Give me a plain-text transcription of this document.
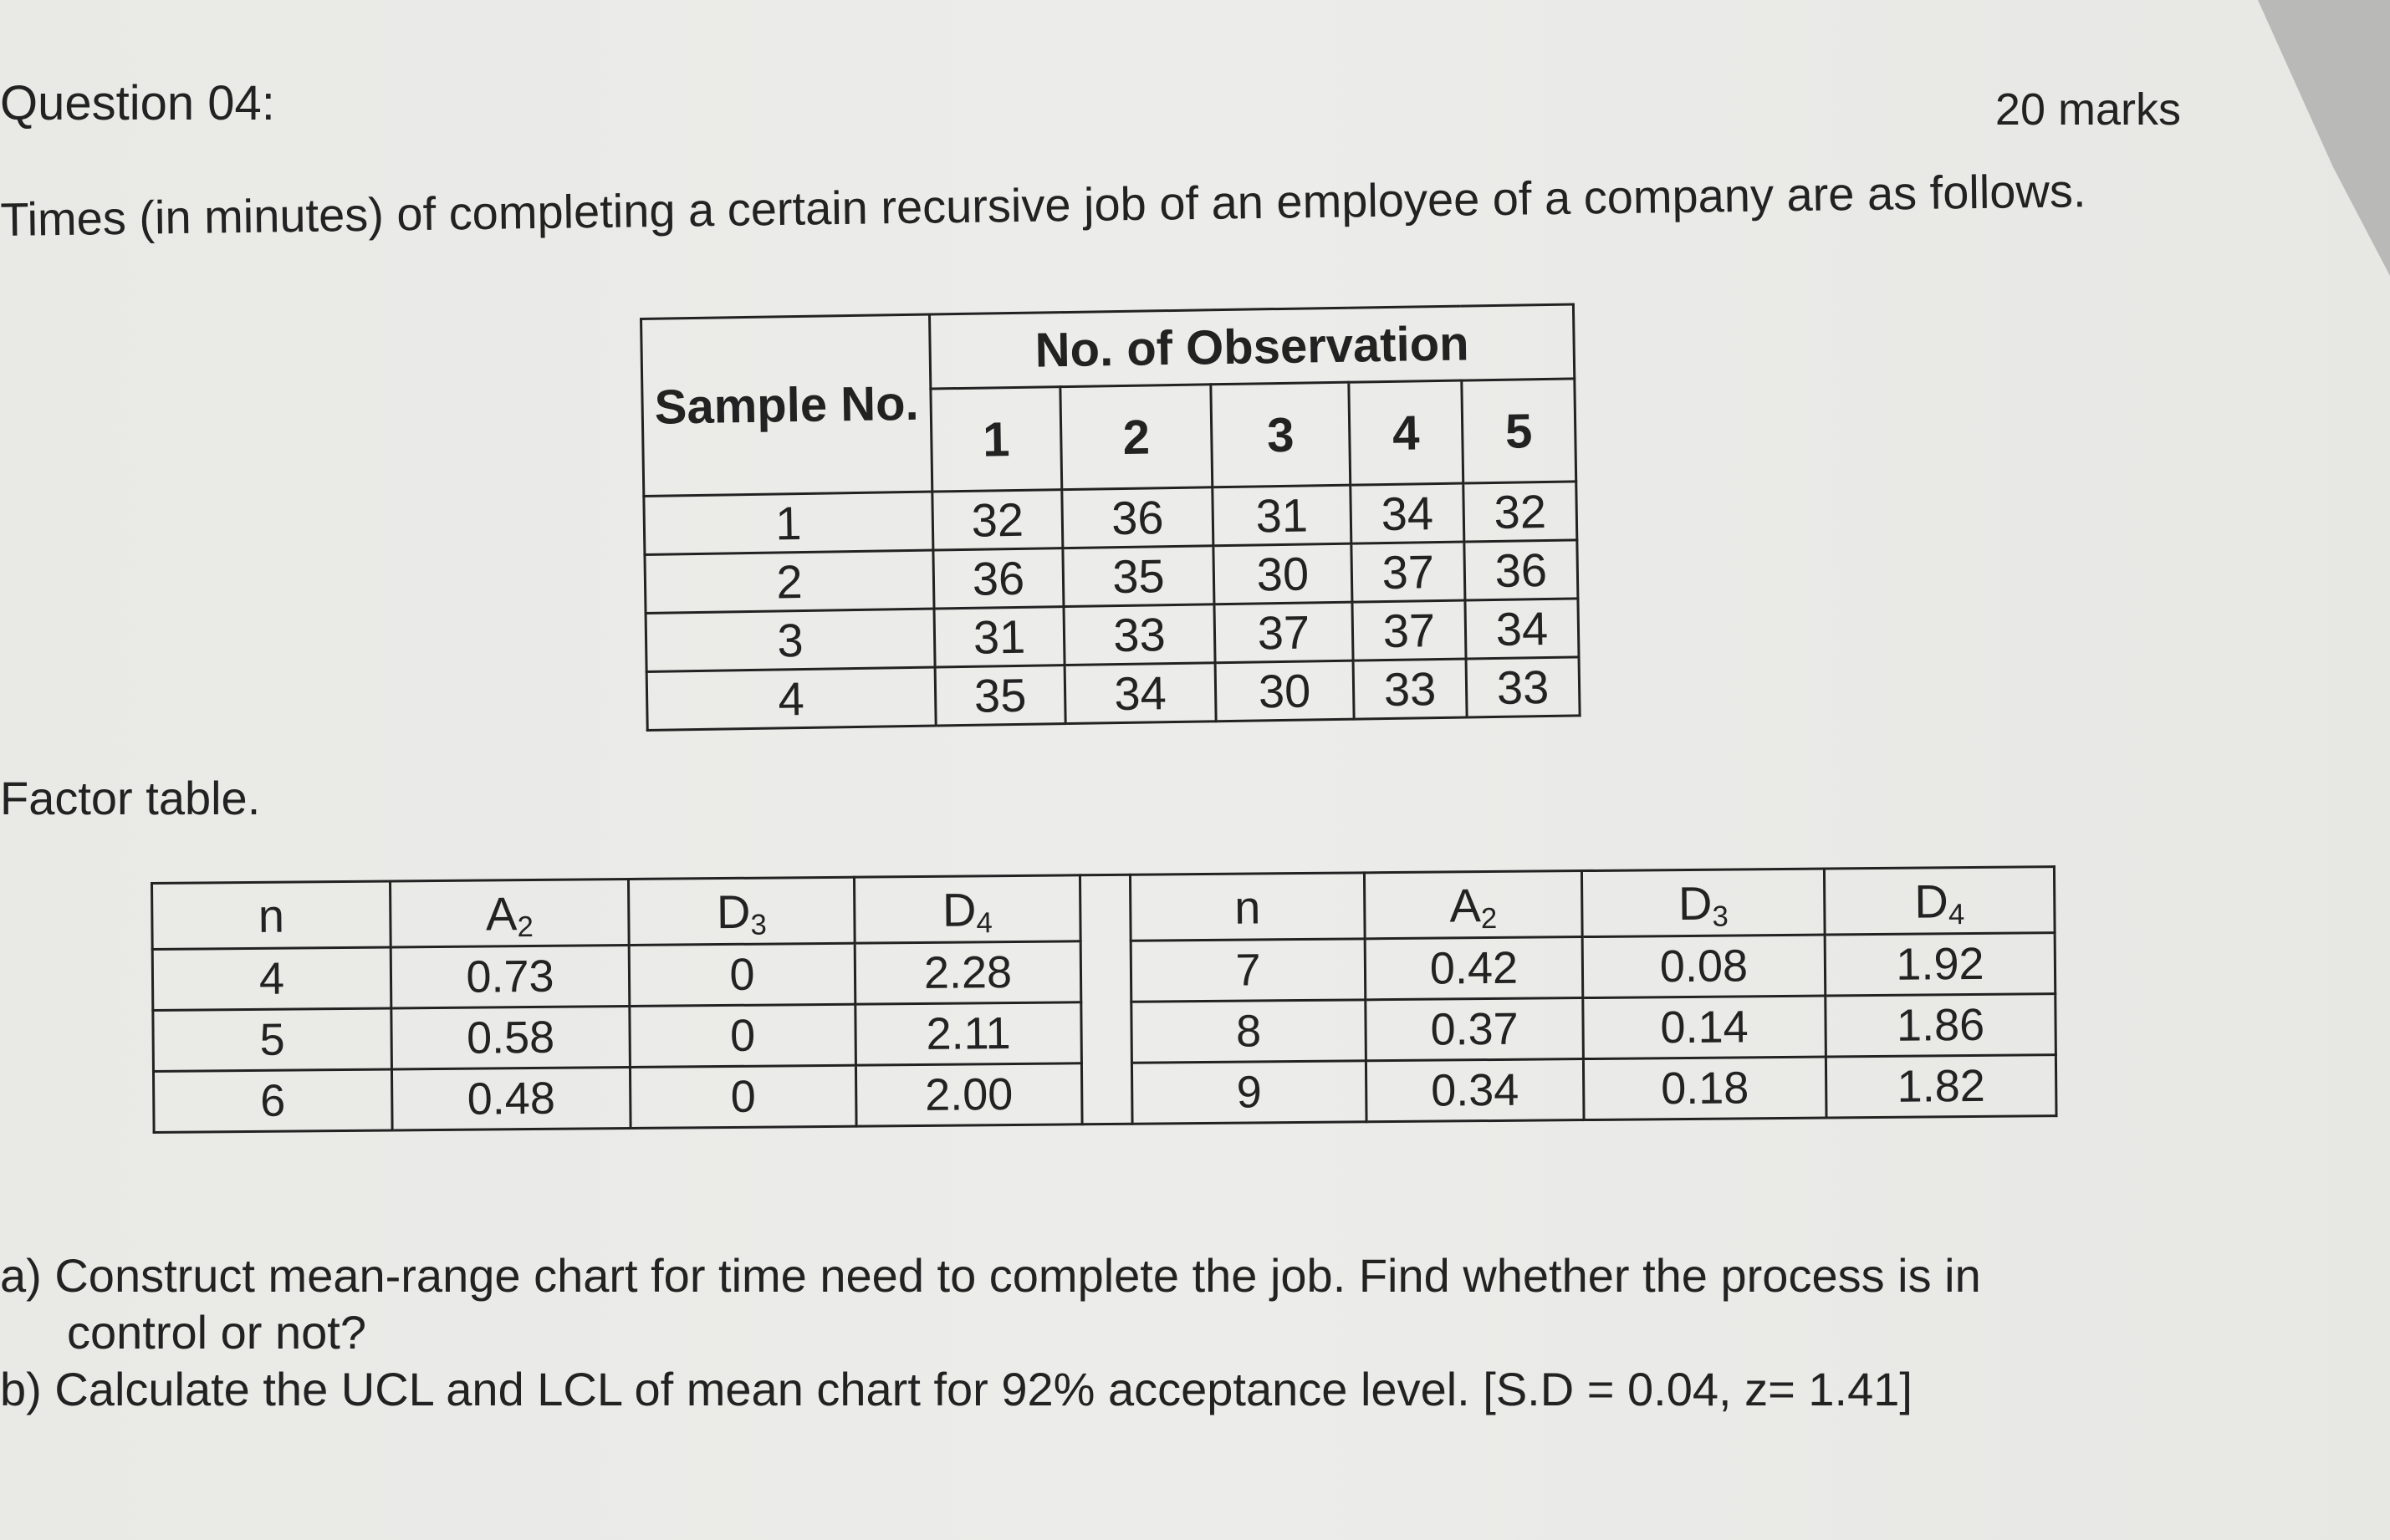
Question 04:	20 marks
Times (in minutes) of completing a certain recursive job of an employee of a company are as follows.
Sample No.	No. of Observation				
	1	2	3	4	5
1	32	36	31	34	32
2	36	35	30	37	36
3	31	33	37	37	34
4	35	34	30	33	33
Factor table.
n	$A_2$	$D_3$	$D_4$		n	$A_2$	$D_3$	$D_4$
4	0.73	0	2.28		7	0.42	0.08	1.92
5	0.58	0	2.11		8	0.37	0.14	1.86
6	0.48	0	2.00		9	0.34	0.18	1.82
a) Construct mean-range chart for time need to complete the job. Find whether the process is in
control or not?
b) Calculate the UCL and LCL of mean chart for 92% acceptance level. [S.D = 0.04, z= 1.41]
